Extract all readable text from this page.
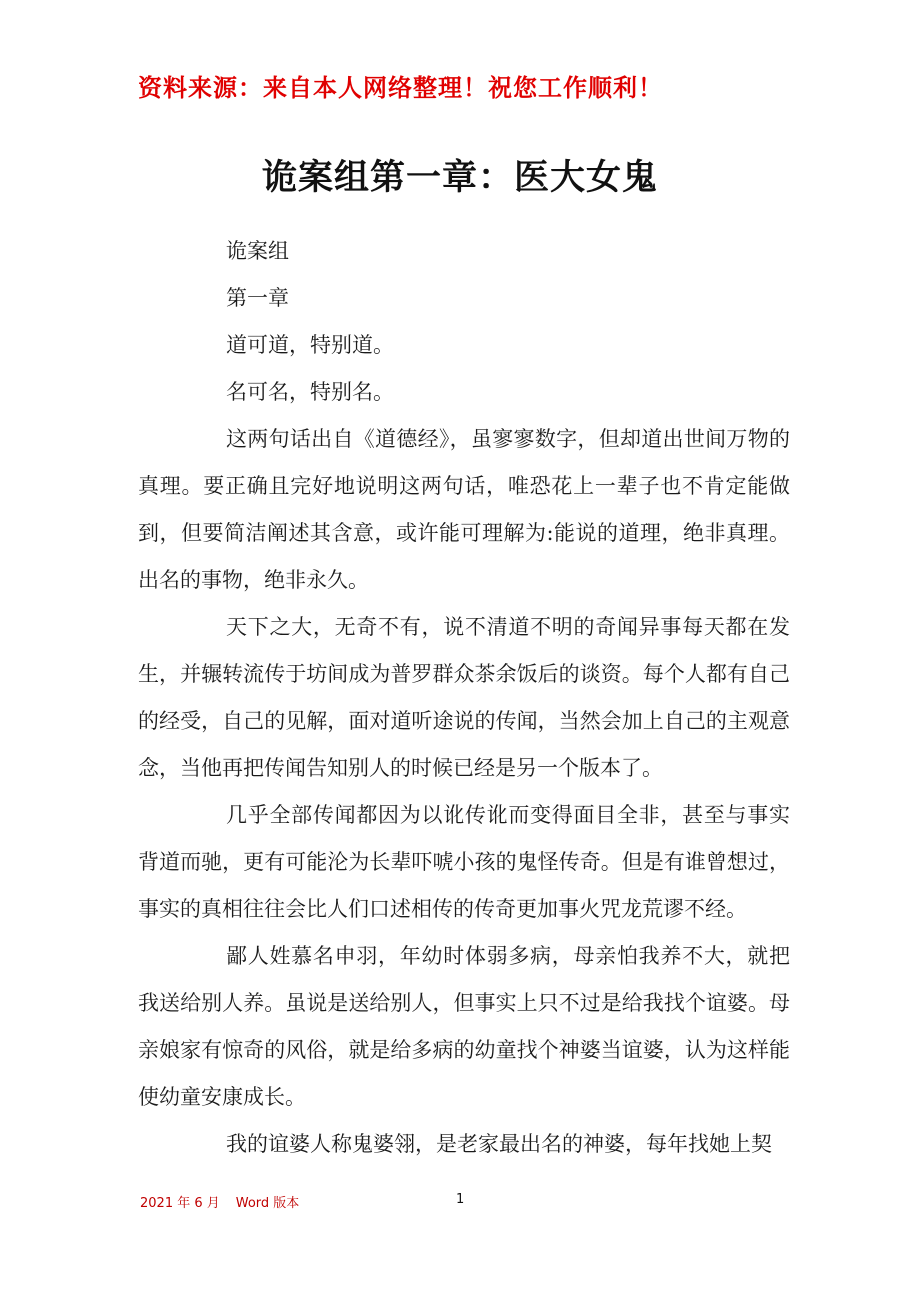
资料来源：来自本人网络整理！祝您工作顺利！
诡案组第一章：医大女鬼

诡案组

第一章

道可道，特别道。

名可名，特别名。

这两句话出自《道德经》，虽寥寥数字，但却道出世间万物的真理。要正确且完好地说明这两句话，唯恐花上一辈子也不肯定能做到，但要简洁阐述其含意，或许能可理解为:能说的道理，绝非真理。出名的事物，绝非永久。

天下之大，无奇不有，说不清道不明的奇闻异事每天都在发生，并辗转流传于坊间成为普罗群众茶余饭后的谈资。每个人都有自己的经受，自己的见解，面对道听途说的传闻，当然会加上自己的主观意念，当他再把传闻告知别人的时候已经是另一个版本了。

几乎全部传闻都因为以讹传讹而变得面目全非，甚至与事实背道而驰，更有可能沦为长辈吓唬小孩的鬼怪传奇。但是有谁曾想过，事实的真相往往会比人们口述相传的传奇更加事火咒龙荒谬不经。

鄙人姓慕名申羽，年幼时体弱多病，母亲怕我养不大，就把我送给别人养。虽说是送给别人，但事实上只不过是给我找个谊婆。母亲娘家有惊奇的风俗，就是给多病的幼童找个神婆当谊婆，认为这样能使幼童安康成长。

我的谊婆人称鬼婆翎，是老家最出名的神婆，每年找她上契

2021 年 6 月 Word 版本	1
